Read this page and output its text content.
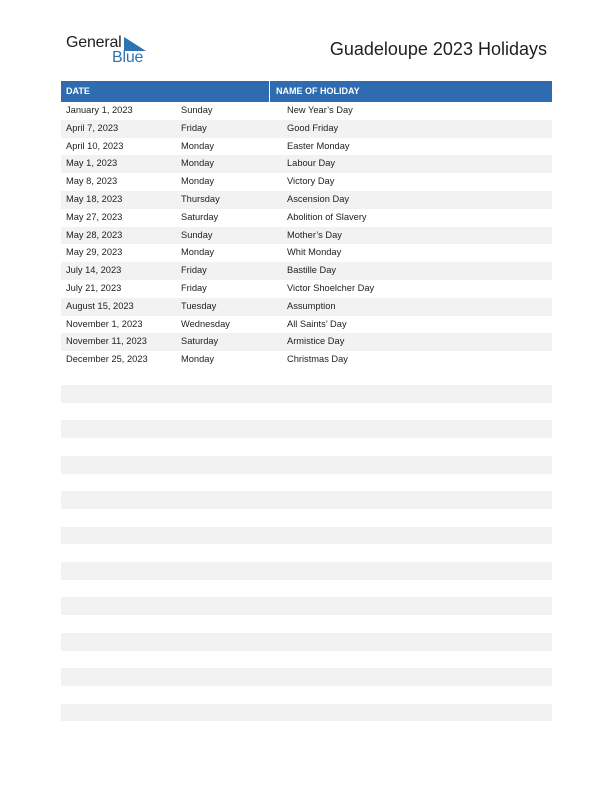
General
Blue	Guadeloupe 2023 Holidays
DATE	NAME OF HOLIDAY
January 1, 2023	Sunday	New Year’s Day
April 7, 2023	Friday	Good Friday
April 10, 2023	Monday	Easter Monday
May 1, 2023	Monday	Labour Day
May 8, 2023	Monday	Victory Day
May 18, 2023	Thursday	Ascension Day
May 27, 2023	Saturday	Abolition of Slavery
May 28, 2023	Sunday	Mother’s Day
May 29, 2023	Monday	Whit Monday
July 14, 2023	Friday	Bastille Day
July 21, 2023	Friday	Victor Shoelcher Day
August 15, 2023	Tuesday	Assumption
November 1, 2023	Wednesday	All Saints’ Day
November 11, 2023	Saturday	Armistice Day
December 25, 2023	Monday	Christmas Day
